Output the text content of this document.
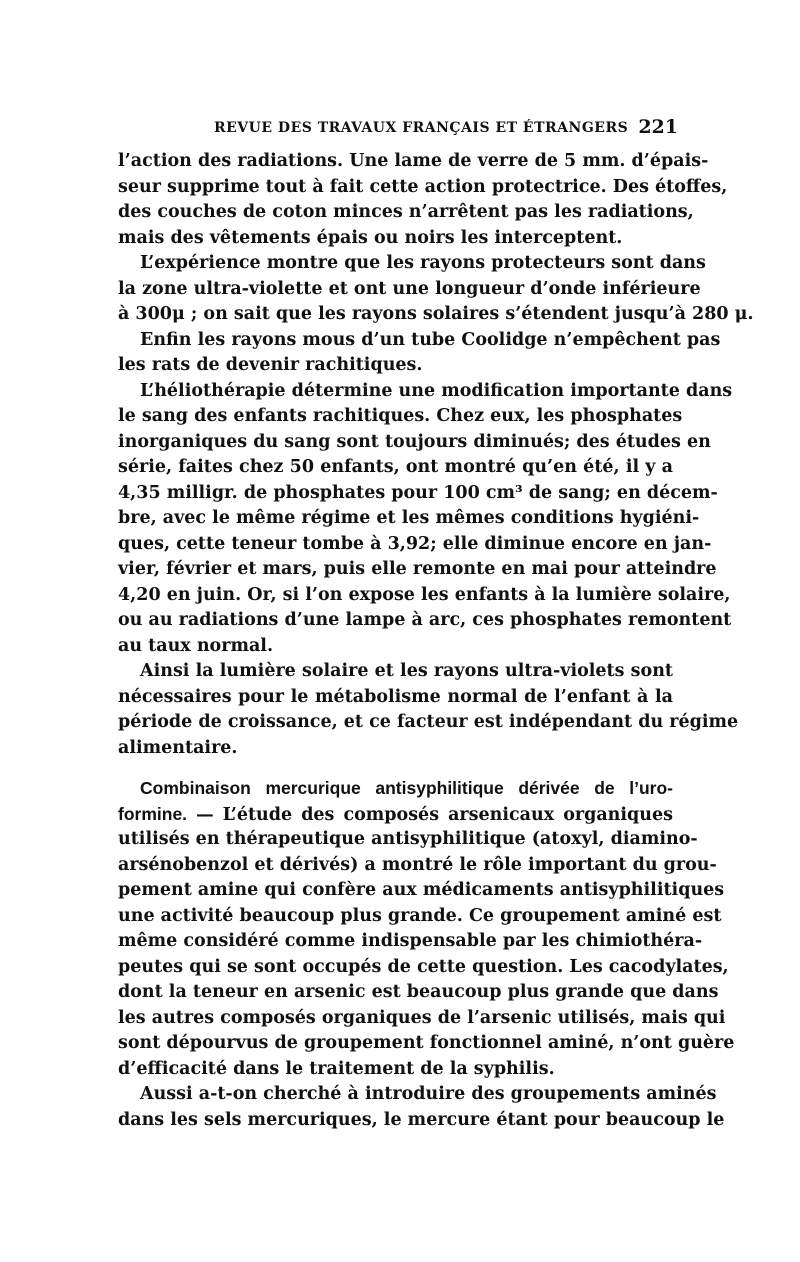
REVUE DES TRAVAUX FRANÇAIS ET ÉTRANGERS 221
l’action des radiations. Une lame de verre de 5 mm. d’épais-
seur supprime tout à fait cette action protectrice. Des étoffes,
des couches de coton minces n’arrêtent pas les radiations,
mais des vêtements épais ou noirs les interceptent.
L’expérience montre que les rayons protecteurs sont dans
la zone ultra-violette et ont une longueur d’onde inférieure
à 300μ ; on sait que les rayons solaires s’étendent jusqu’à 280 μ.
Enfin les rayons mous d’un tube Coolidge n’empêchent pas
les rats de devenir rachitiques.
L’héliothérapie détermine une modification importante dans
le sang des enfants rachitiques. Chez eux, les phosphates
inorganiques du sang sont toujours diminués; des études en
série, faites chez 50 enfants, ont montré qu’en été, il y a
4,35 milligr. de phosphates pour 100 cm³ de sang; en décem-
bre, avec le même régime et les mêmes conditions hygiéni-
ques, cette teneur tombe à 3,92; elle diminue encore en jan-
vier, février et mars, puis elle remonte en mai pour atteindre
4,20 en juin. Or, si l’on expose les enfants à la lumière solaire,
ou au radiations d’une lampe à arc, ces phosphates remontent
au taux normal.
Ainsi la lumière solaire et les rayons ultra-violets sont
nécessaires pour le métabolisme normal de l’enfant à la
période de croissance, et ce facteur est indépendant du régime
alimentaire.
Combinaison mercurique antisyphilitique dérivée de l’uro-
formine. — L’étude des composés arsenicaux organiques
utilisés en thérapeutique antisyphilitique (atoxyl, diamino-
arsénobenzol et dérivés) a montré le rôle important du grou-
pement amine qui confère aux médicaments antisyphilitiques
une activité beaucoup plus grande. Ce groupement aminé est
même considéré comme indispensable par les chimiothéra-
peutes qui se sont occupés de cette question. Les cacodylates,
dont la teneur en arsenic est beaucoup plus grande que dans
les autres composés organiques de l’arsenic utilisés, mais qui
sont dépourvus de groupement fonctionnel aminé, n’ont guère
d’efficacité dans le traitement de la syphilis.
Aussi a-t-on cherché à introduire des groupements aminés
dans les sels mercuriques, le mercure étant pour beaucoup le
